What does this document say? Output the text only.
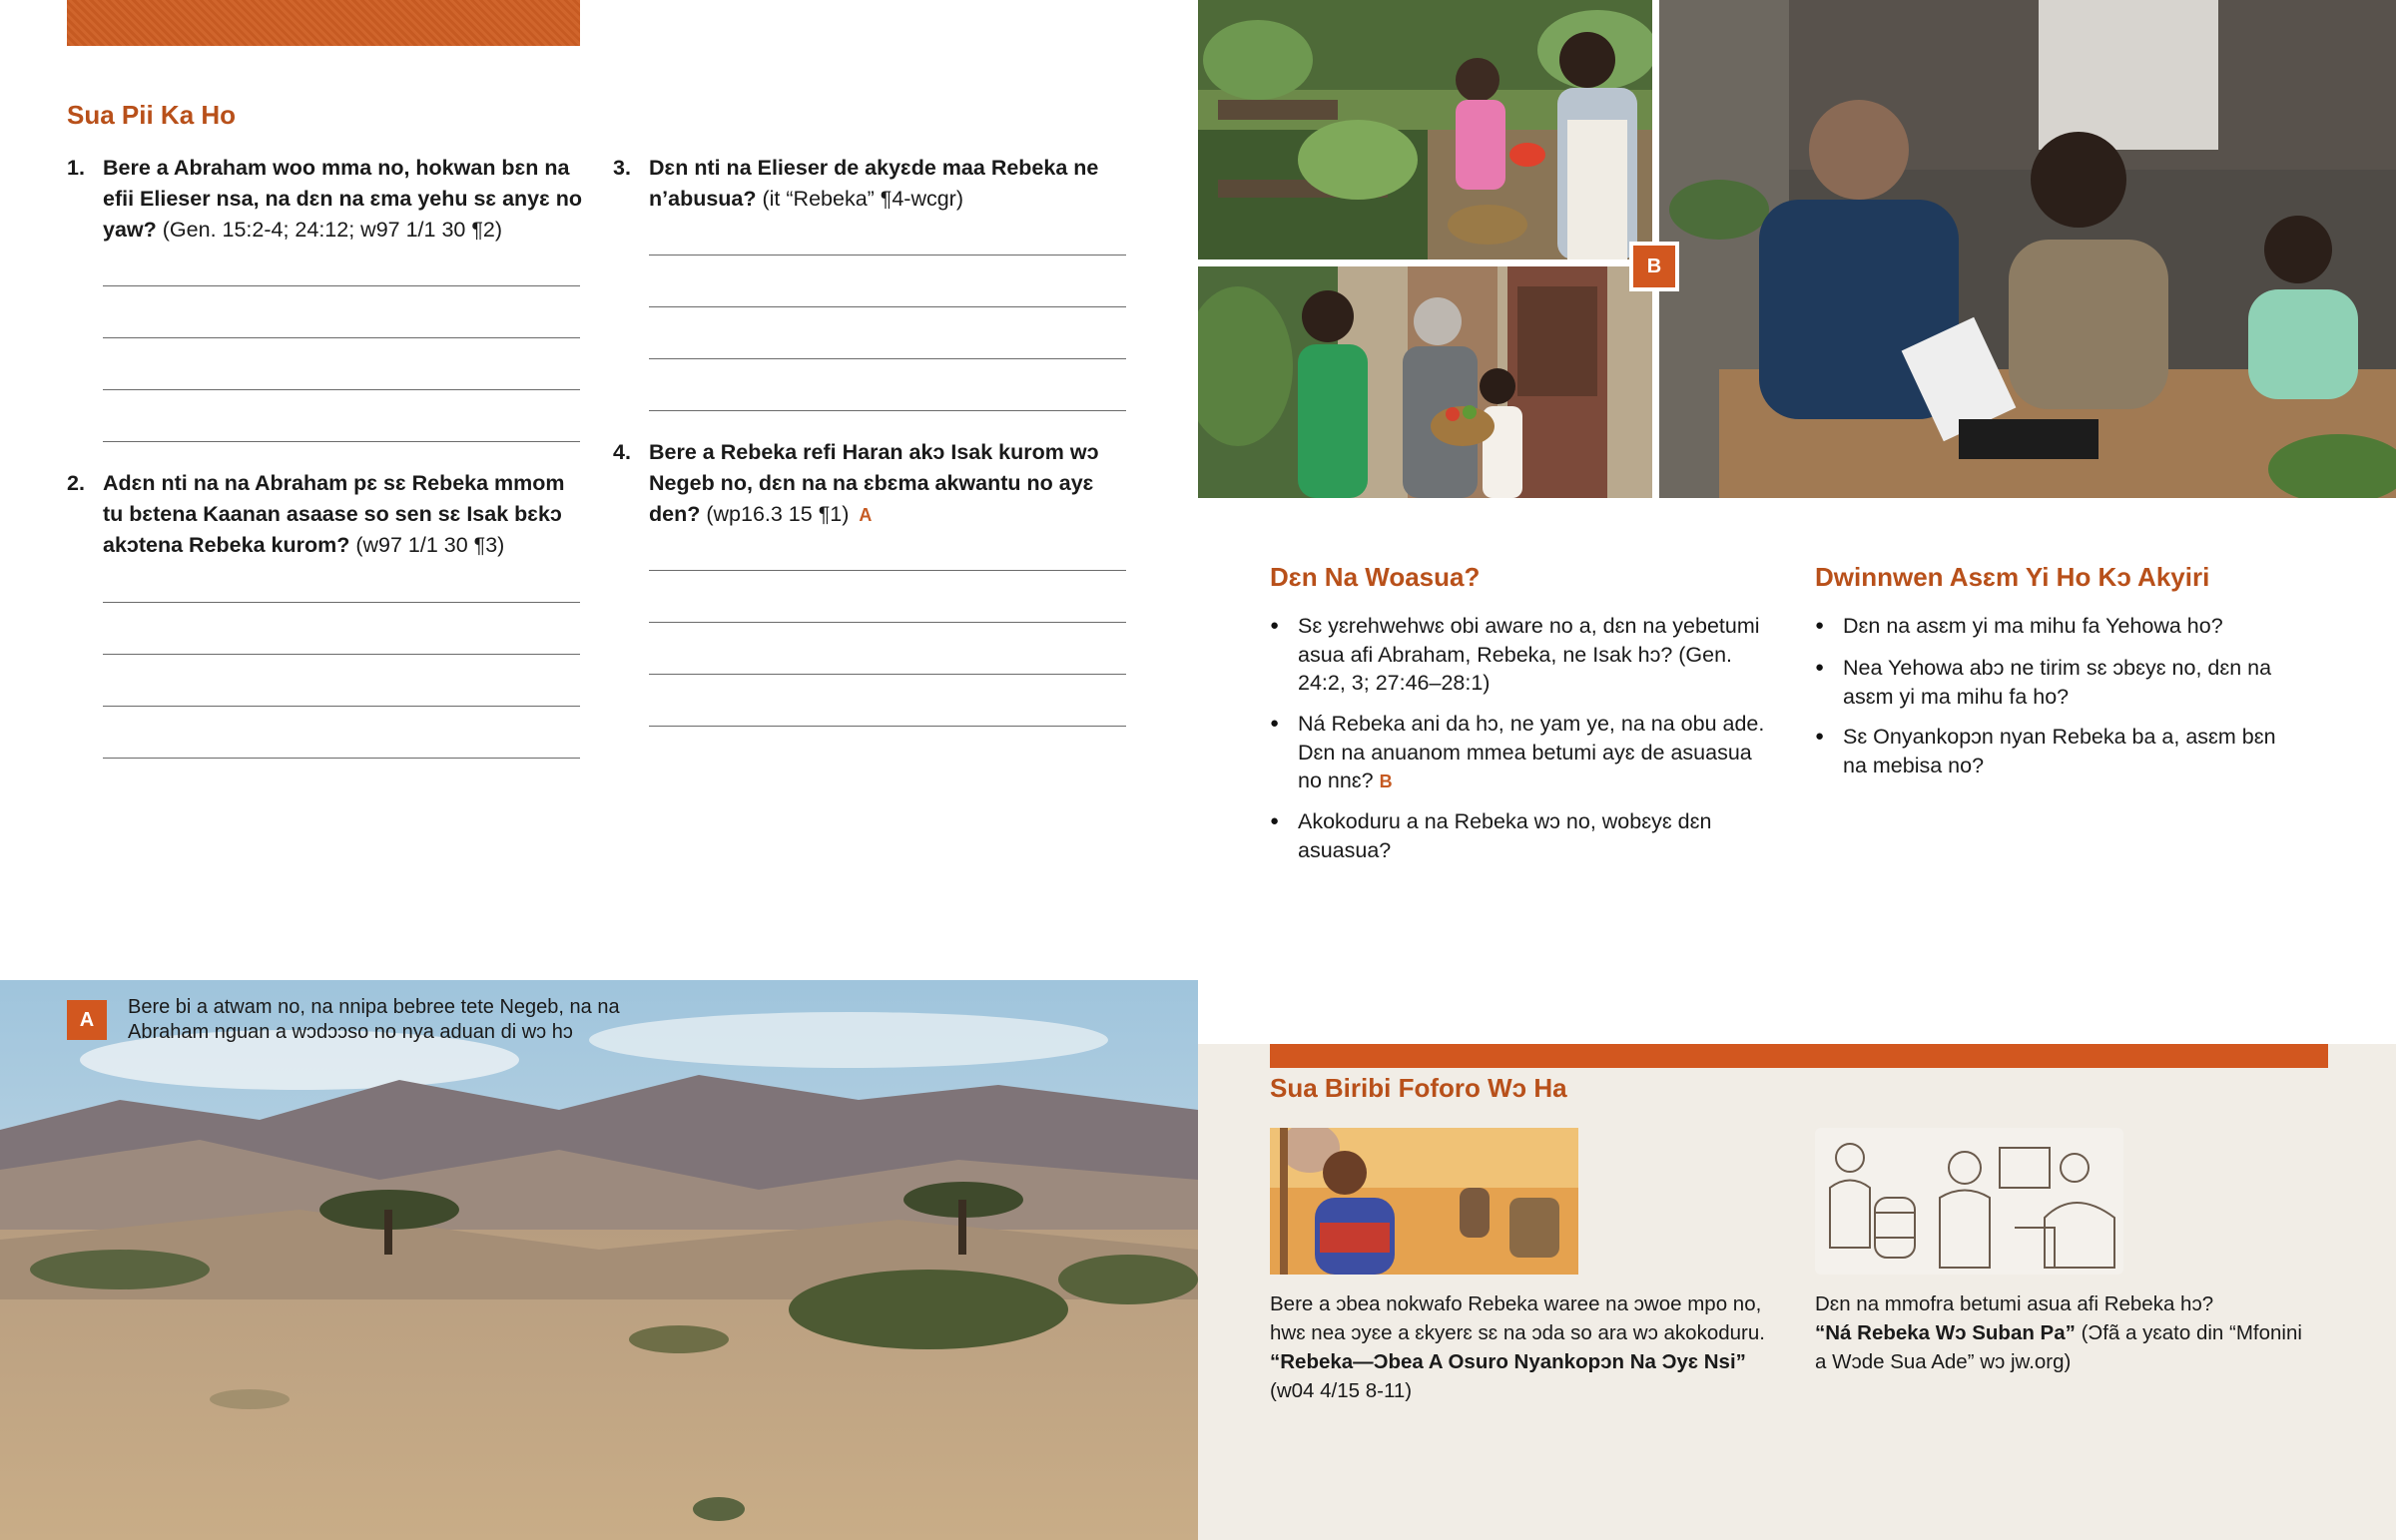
Sua Pii Ka Ho
1. Bere a Abraham woo mma no, hokwan bɛn na efii Elieser nsa, na dɛn na ɛma yehu sɛ anyɛ no yaw? (Gen. 15:2-4; 24:12; w97 1/1 30 ¶2)
2. Adɛn nti na na Abraham pɛ sɛ Rebeka mmom tu bɛtena Kaanan asaase so sen sɛ Isak bɛkɔ akɔtena Rebeka kurom? (w97 1/1 30 ¶3)
3. Dɛn nti na Elieser de akyɛde maa Rebeka ne n’abusua? (it “Rebeka” ¶4-wcgr)
4. Bere a Rebeka refi Haran akɔ Isak kurom wɔ Negeb no, dɛn na na ɛbɛma akwantu no ayɛ den? (wp16.3 15 ¶1) A
B
Dɛn Na Woasua?
● Sɛ yɛrehwehwɛ obi aware no a, dɛn na yebetumi asua afi Abraham, Rebeka, ne Isak hɔ? (Gen. 24:2, 3; 27:46–28:1)
● Ná Rebeka ani da hɔ, ne yam ye, na na obu ade. Dɛn na anuanom mmea betumi ayɛ de asuasua no nnɛ? B
● Akokoduru a na Rebeka wɔ no, wobɛyɛ dɛn asuasua?
Dwinnwen Asɛm Yi Ho Kɔ Akyiri
● Dɛn na asɛm yi ma mihu fa Yehowa ho?
● Nea Yehowa abɔ ne tirim sɛ ɔbɛyɛ no, dɛn na asɛm yi ma mihu fa ho?
● Sɛ Onyankopɔn nyan Rebeka ba a, asɛm bɛn na mebisa no?
A
Bere bi a atwam no, na nnipa bebree tete Negeb, na na Abraham nguan a wɔdɔɔso no nya aduan di wɔ hɔ
Sua Biribi Foforo Wɔ Ha
Bere a ɔbea nokwafo Rebeka waree na ɔwoe mpo no, hwɛ nea ɔyɛe a ɛkyerɛ sɛ na ɔda so ara wɔ akokoduru.
“Rebeka—Ɔbea A Osuro Nyankopɔn Na Ɔyɛ Nsi”
(w04 4/15 8-11)
Dɛn na mmofra betumi asua afi Rebeka hɔ?
“Ná Rebeka Wɔ Suban Pa” (Ɔfã a yɛato din “Mfonini a Wɔde Sua Ade” wɔ jw.org)
